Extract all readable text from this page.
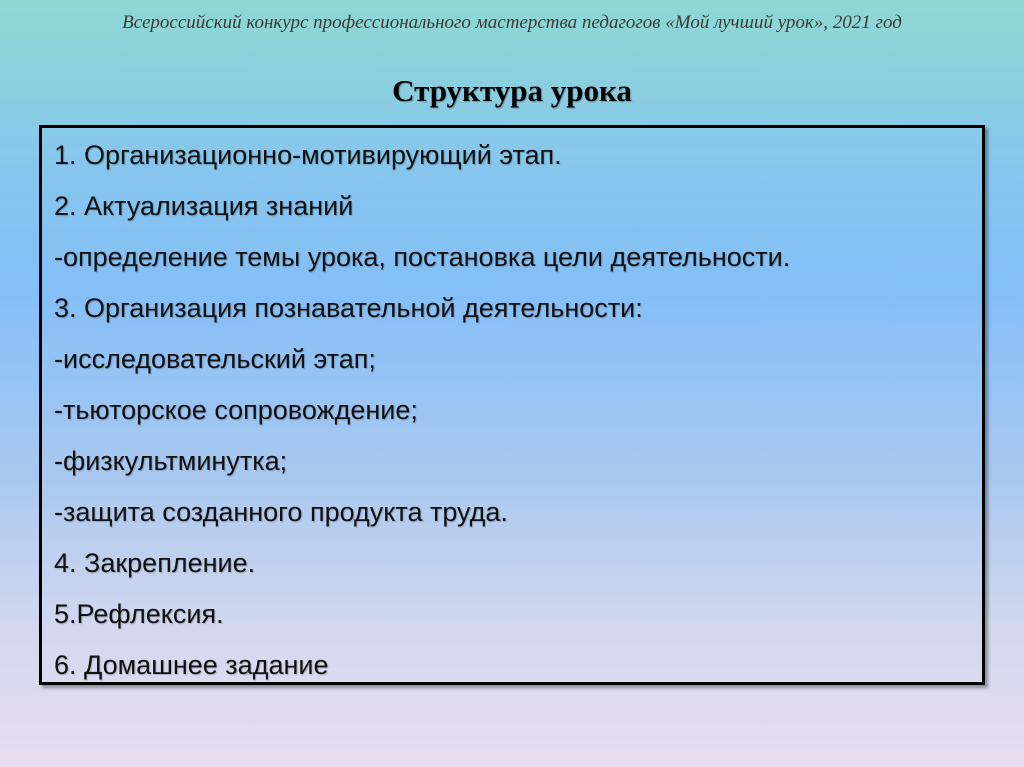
Всероссийский конкурс профессионального мастерства педагогов «Мой лучший урок», 2021 год
Структура урока
1. Организационно-мотивирующий этап.
2. Актуализация знаний
-определение темы урока, постановка цели деятельности.
3. Организация познавательной деятельности:
-исследовательский этап;
-тьюторское сопровождение;
-физкультминутка;
-защита созданного продукта труда.
4. Закрепление.
5.Рефлексия.
6. Домашнее задание
